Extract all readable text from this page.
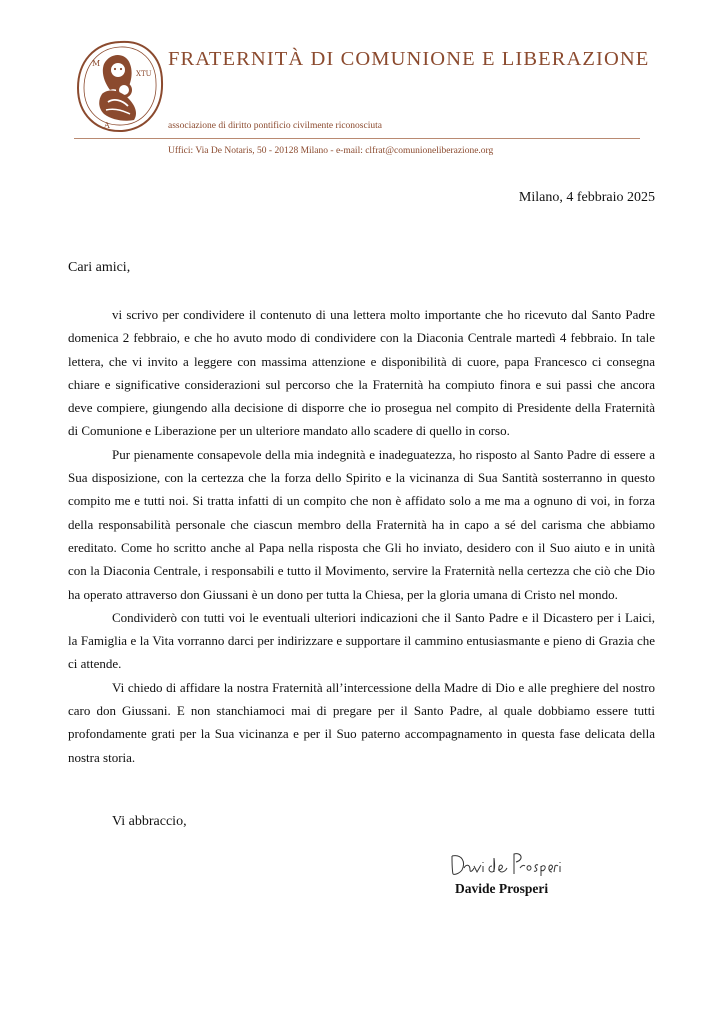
XTU
M
A
FRATERNITÀ DI COMUNIONE E LIBERAZIONE
associazione di diritto pontificio civilmente riconosciuta
Uffici: Via De Notaris, 50 - 20128 Milano - e-mail: clfrat@comunioneliberazione.org
Milano, 4 febbraio 2025
Cari amici,

vi scrivo per condividere il contenuto di una lettera molto importante che ho ricevuto dal Santo Padre domenica 2 febbraio, e che ho avuto modo di condividere con la Diaconia Centrale martedì 4 febbraio. In tale lettera, che vi invito a leggere con massima attenzione e disponibilità di cuore, papa Francesco ci consegna chiare e significative considerazioni sul percorso che la Fraternità ha compiuto finora e sui passi che ancora deve compiere, giungendo alla decisione di disporre che io prosegua nel compito di Presidente della Fraternità di Comunione e Liberazione per un ulteriore mandato allo scadere di quello in corso.

Pur pienamente consapevole della mia indegnità e inadeguatezza, ho risposto al Santo Padre di essere a Sua disposizione, con la certezza che la forza dello Spirito e la vicinanza di Sua Santità sosterranno in questo compito me e tutti noi. Si tratta infatti di un compito che non è affidato solo a me ma a ognuno di voi, in forza della responsabilità personale che ciascun membro della Fraternità ha in capo a sé del carisma che abbiamo ereditato. Come ho scritto anche al Papa nella risposta che Gli ho inviato, desidero con il Suo aiuto e in unità con la Diaconia Centrale, i responsabili e tutto il Movimento, servire la Fraternità nella certezza che ciò che Dio ha operato attraverso don Giussani è un dono per tutta la Chiesa, per la gloria umana di Cristo nel mondo.

Condividerò con tutti voi le eventuali ulteriori indicazioni che il Santo Padre e il Dicastero per i Laici, la Famiglia e la Vita vorranno darci per indirizzare e supportare il cammino entusiasmante e pieno di Grazia che ci attende.

Vi chiedo di affidare la nostra Fraternità all’intercessione della Madre di Dio e alle preghiere del nostro caro don Giussani. E non stanchiamoci mai di pregare per il Santo Padre, al quale dobbiamo essere tutti profondamente grati per la Sua vicinanza e per il Suo paterno accompagnamento in questa fase delicata della nostra storia.

Vi abbraccio,
Davide Prosperi
